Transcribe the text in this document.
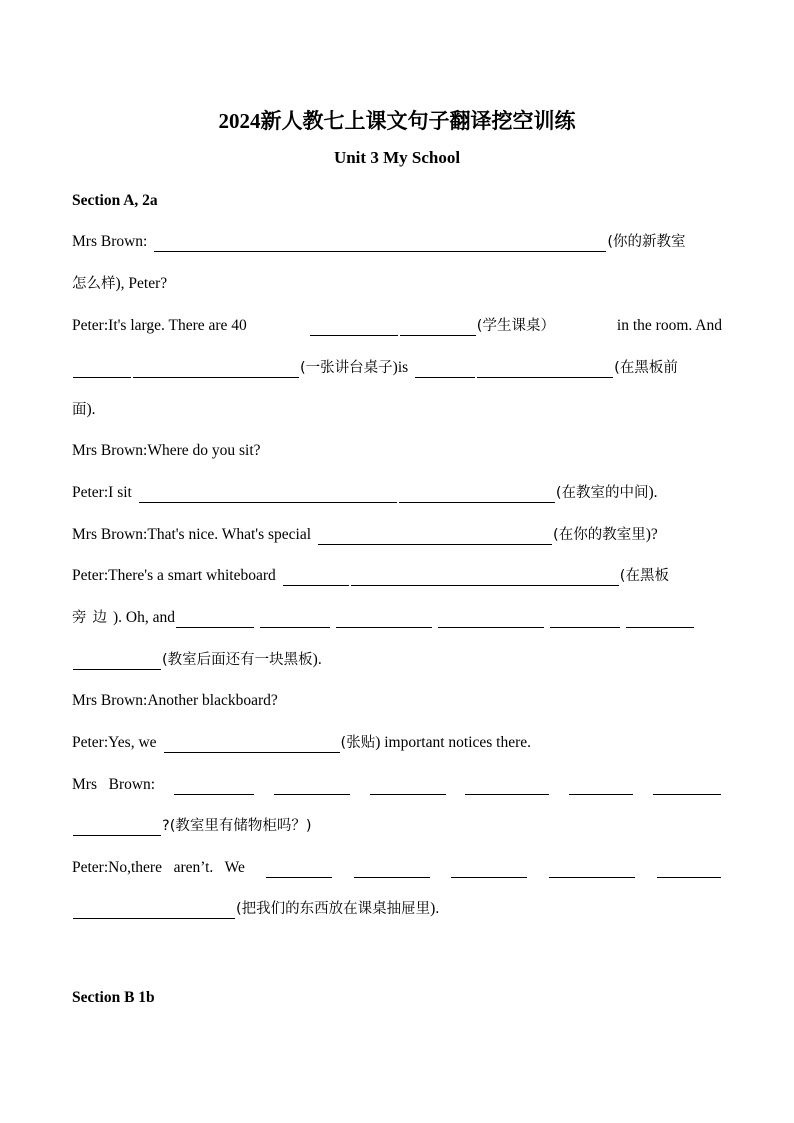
2024新人教七上课文句子翻译挖空训练
Unit 3 My School
Section A, 2a
Mrs Brown:	(你的新教室
怎么样 ), Peter?
Peter:It's large. There are 40	(学生课桌）	in the room. And
(一张讲台桌子 )is	(在黑板前
面 ).
Mrs Brown:Where do you sit?
Peter:I sit	(在教室的中间 ).
Mrs Brown:That's nice. What's special	(在你的教室里 )?
Peter:There's a smart whiteboard	(在黑板
旁边 ). Oh, and
(教室后面还有一块黑板 ).
Mrs Brown:Another blackboard?
Peter:Yes, we	(张贴 ) important notices there.
Mrs   Brown:
?(教室里有储物柜吗？)
Peter:No,there   aren’t.   We
(把我们的东西放在课桌抽屉里 ).
Section B 1b
